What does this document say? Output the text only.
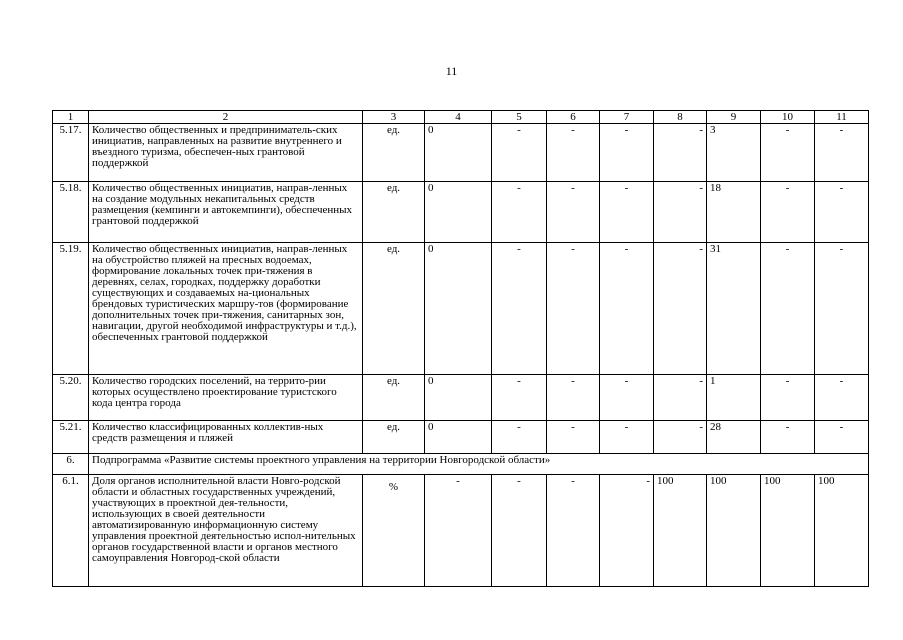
11
1	2	3	4	5	6	7	8	9	10	11
5.17.	Количество общественных и предприниматель-ских инициатив, направленных на развитие внутреннего и въездного туризма, обеспечен-ных грантовой поддержкой	ед.	0	-	-	-	-	3	-	-
5.18.	Количество общественных инициатив, направ-ленных на создание модульных некапитальных средств размещения (кемпинги и автокемпинги), обеспеченных грантовой поддержкой	ед.	0	-	-	-	-	18	-	-
5.19.	Количество общественных инициатив, направ-ленных на обустройство пляжей на пресных водоемах, формирование локальных точек при-тяжения в деревнях, селах, городках, поддержку доработки существующих и создаваемых на-циональных брендовых туристических маршру-тов (формирование дополнительных точек при-тяжения, санитарных зон, навигации, другой необходимой инфраструктуры и т.д.), обеспеченных грантовой поддержкой	ед.	0	-	-	-	-	31	-	-
5.20.	Количество городских поселений, на террито-рии которых осуществлено проектирование туристского кода центра города	ед.	0	-	-	-	-	1	-	-
5.21.	Количество классифицированных коллектив-ных средств размещения и пляжей	ед.	0	-	-	-	-	28	-	-
6.	Подпрограмма «Развитие системы проектного управления на территории Новгородской области»									
6.1.	Доля органов исполнительной власти Новго-родской области и областных государственных учреждений, участвующих в проектной дея-тельности, использующих в своей деятельности автоматизированную информационную систему управления проектной деятельностью испол-нительных органов государственной власти и органов местного самоуправления Новгород-ской области	%	-	-	-	-	100	100	100	100
